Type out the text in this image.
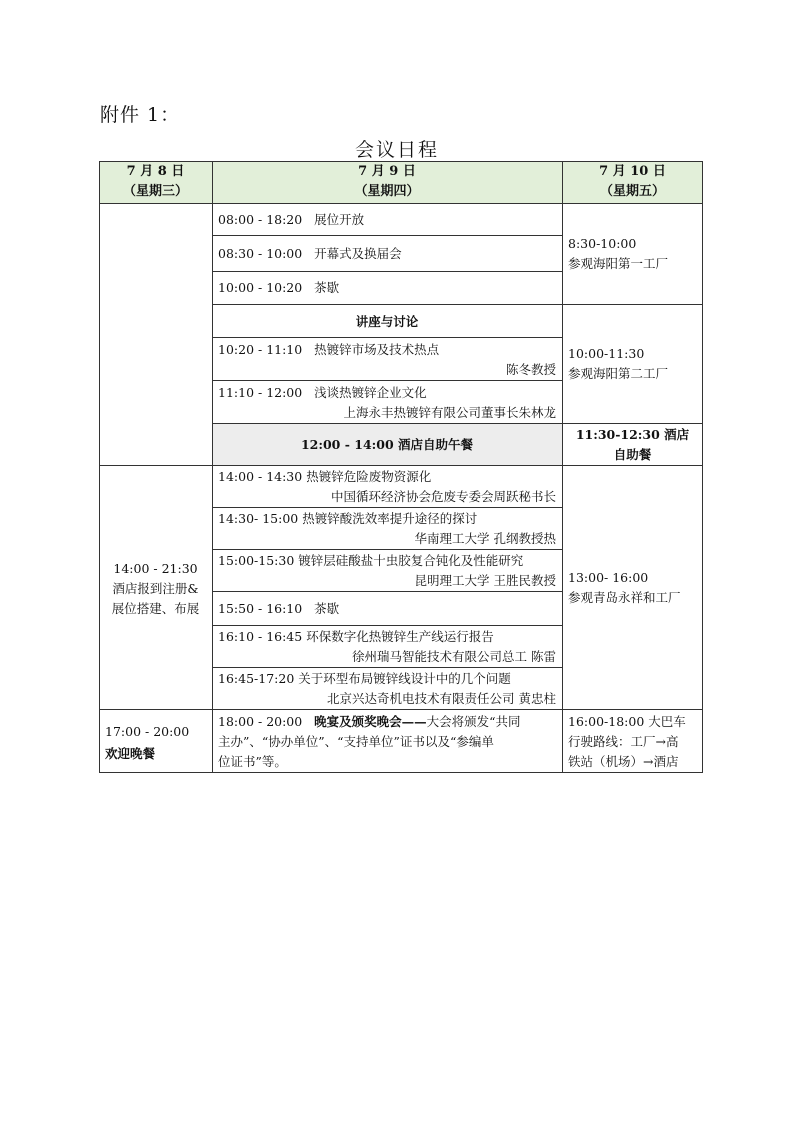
附件 1：
会议日程
7 月 8 日
（星期三）
7 月 9 日
（星期四）
7 月 10 日
（星期五）
08:00 - 18:20 展位开放
08:30 - 10:00 开幕式及换届会
10:00 - 10:20 茶歇
讲座与讨论
10:20 - 11:10 热镀锌市场及技术热点
陈冬教授
11:10 - 12:00 浅谈热镀锌企业文化
上海永丰热镀锌有限公司董事长朱林龙
12:00 - 14:00 酒店自助午餐
8:30-10:00
参观海阳第一工厂
10:00-11:30
参观海阳第二工厂
11:30-12:30 酒店
自助餐
14:00 - 14:30 热镀锌危险废物资源化
中国循环经济协会危废专委会周跃秘书长
14:30- 15:00 热镀锌酸洗效率提升途径的探讨
华南理工大学 孔纲教授热
15:00-15:30 镀锌层硅酸盐十虫胶复合钝化及性能研究
昆明理工大学 王胜民教授
15:50 - 16:10 茶歇
16:10 - 16:45 环保数字化热镀锌生产线运行报告
徐州瑞马智能技术有限公司总工 陈雷
16:45-17:20 关于环型布局镀锌线设计中的几个问题
北京兴达奇机电技术有限责任公司 黄忠柱
14:00 - 21:30
酒店报到注册&
展位搭建、布展
13:00- 16:00
参观青岛永祥和工厂
17:00 - 20:00
欢迎晚餐
18:00 - 20:00 晚宴及颁奖晚会——大会将颁发“共同
主办”、“协办单位”、“支持单位”证书以及“参编单
位证书”等。
16:00-18:00 大巴车
行驶路线：工厂→高
铁站（机场）→酒店
